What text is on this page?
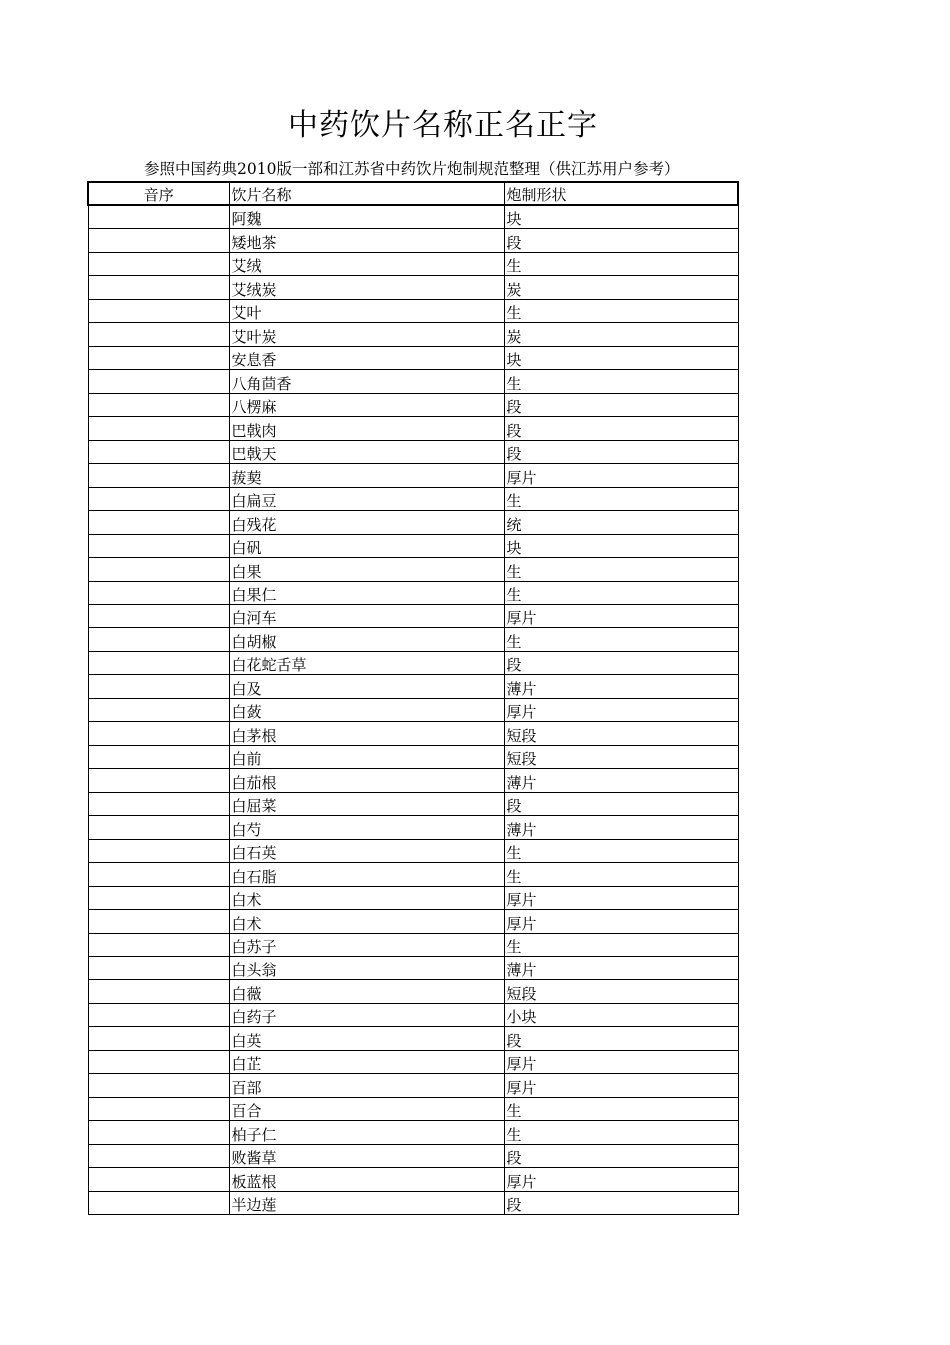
中药饮片名称正名正字
参照中国药典2010版一部和江苏省中药饮片炮制规范整理（供江苏用户参考）
音序	饮片名称	炮制形状
	阿魏	块
	矮地茶	段
	艾绒	生
	艾绒炭	炭
	艾叶	生
	艾叶炭	炭
	安息香	块
	八角茴香	生
	八楞麻	段
	巴戟肉	段
	巴戟天	段
	菝葜	厚片
	白扁豆	生
	白残花	统
	白矾	块
	白果	生
	白果仁	生
	白河车	厚片
	白胡椒	生
	白花蛇舌草	段
	白及	薄片
	白蔹	厚片
	白茅根	短段
	白前	短段
	白茄根	薄片
	白屈菜	段
	白芍	薄片
	白石英	生
	白石脂	生
	白术	厚片
	白术	厚片
	白苏子	生
	白头翁	薄片
	白薇	短段
	白药子	小块
	白英	段
	白芷	厚片
	百部	厚片
	百合	生
	柏子仁	生
	败酱草	段
	板蓝根	厚片
	半边莲	段
